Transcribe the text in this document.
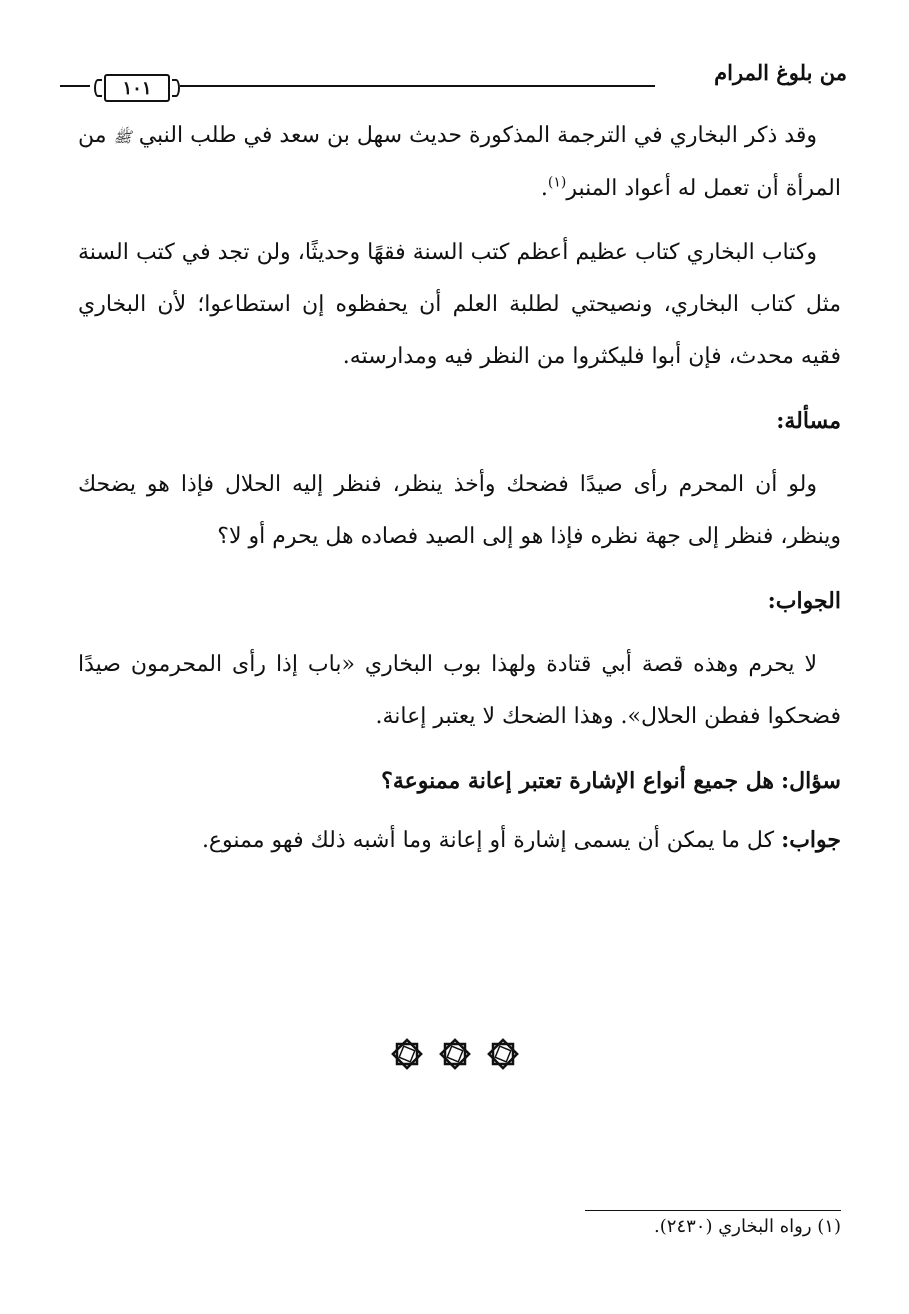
من بلوغ المرام
١٠١

وقد ذكر البخاري في الترجمة المذكورة حديث سهل بن سعد في طلب النبي ﷺ من المرأة أن تعمل له أعواد المنبر$^{(١)}$.

وكتاب البخاري كتاب عظيم أعظم كتب السنة فقهًا وحديثًا، ولن تجد في كتب السنة مثل كتاب البخاري، ونصيحتي لطلبة العلم أن يحفظوه إن استطاعوا؛ لأن البخاري فقيه محدث، فإن أبوا فليكثروا من النظر فيه ومدارسته.

مسألة:

ولو أن المحرم رأى صيدًا فضحك وأخذ ينظر، فنظر إليه الحلال فإذا هو يضحك وينظر، فنظر إلى جهة نظره فإذا هو إلى الصيد فصاده هل يحرم أو لا؟

الجواب:

لا يحرم وهذه قصة أبي قتادة ولهذا بوب البخاري «باب إذا رأى المحرمون صيدًا فضحكوا ففطن الحلال». وهذا الضحك لا يعتبر إعانة.

سؤال: هل جميع أنواع الإشارة تعتبر إعانة ممنوعة؟

جواب: كل ما يمكن أن يسمى إشارة أو إعانة وما أشبه ذلك فهو ممنوع.

(١) رواه البخاري (٢٤٣٠).
